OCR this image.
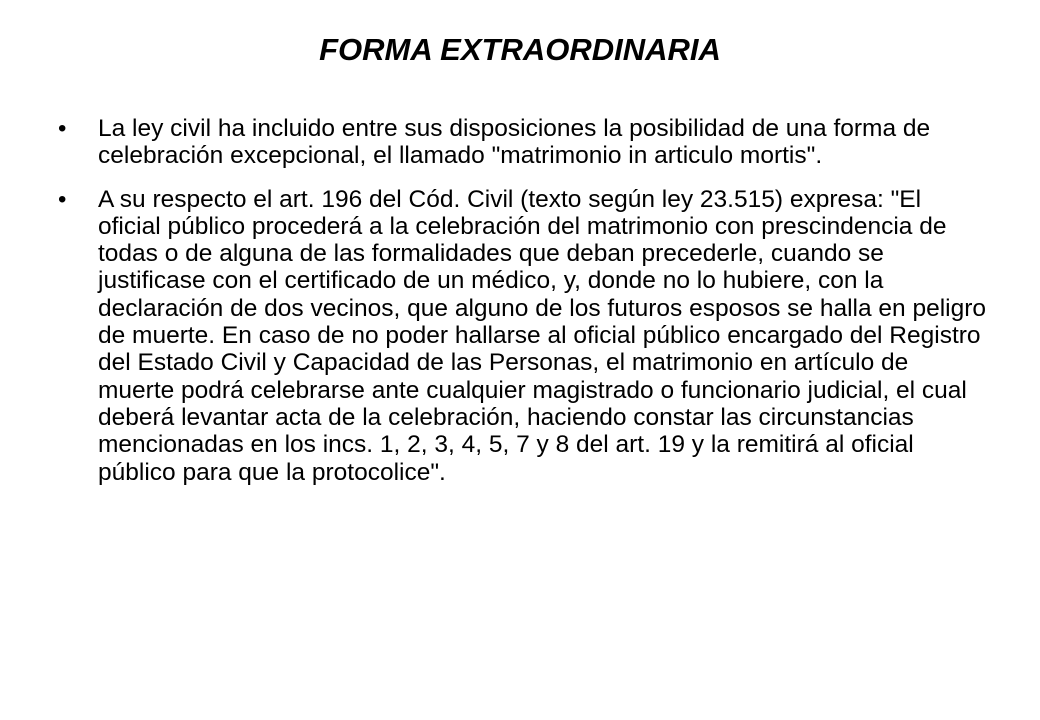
FORMA EXTRAORDINARIA
• La ley civil ha incluido entre sus disposiciones la posibilidad de una forma de celebración excepcional, el llamado "matrimonio in articulo mortis".
• A su respecto el art. 196 del Cód. Civil (texto según ley 23.515) expresa: "El oficial público procederá a la celebración del matrimonio con prescindencia de todas o de alguna de las formalidades que deban precederle, cuando se justificase con el certificado de un médico, y, donde no lo hubiere, con la declaración de dos vecinos, que alguno de los futuros esposos se halla en peligro de muerte. En caso de no poder hallarse al oficial público encargado del Registro del Estado Civil y Capacidad de las Personas, el matrimonio en artículo de muerte podrá celebrarse ante cualquier magistrado o funcionario judicial, el cual deberá levantar acta de la celebración, haciendo constar las circunstancias mencionadas en los incs. 1, 2, 3, 4, 5, 7 y 8 del art. 19 y la remitirá al oficial público para que la protocolice".
